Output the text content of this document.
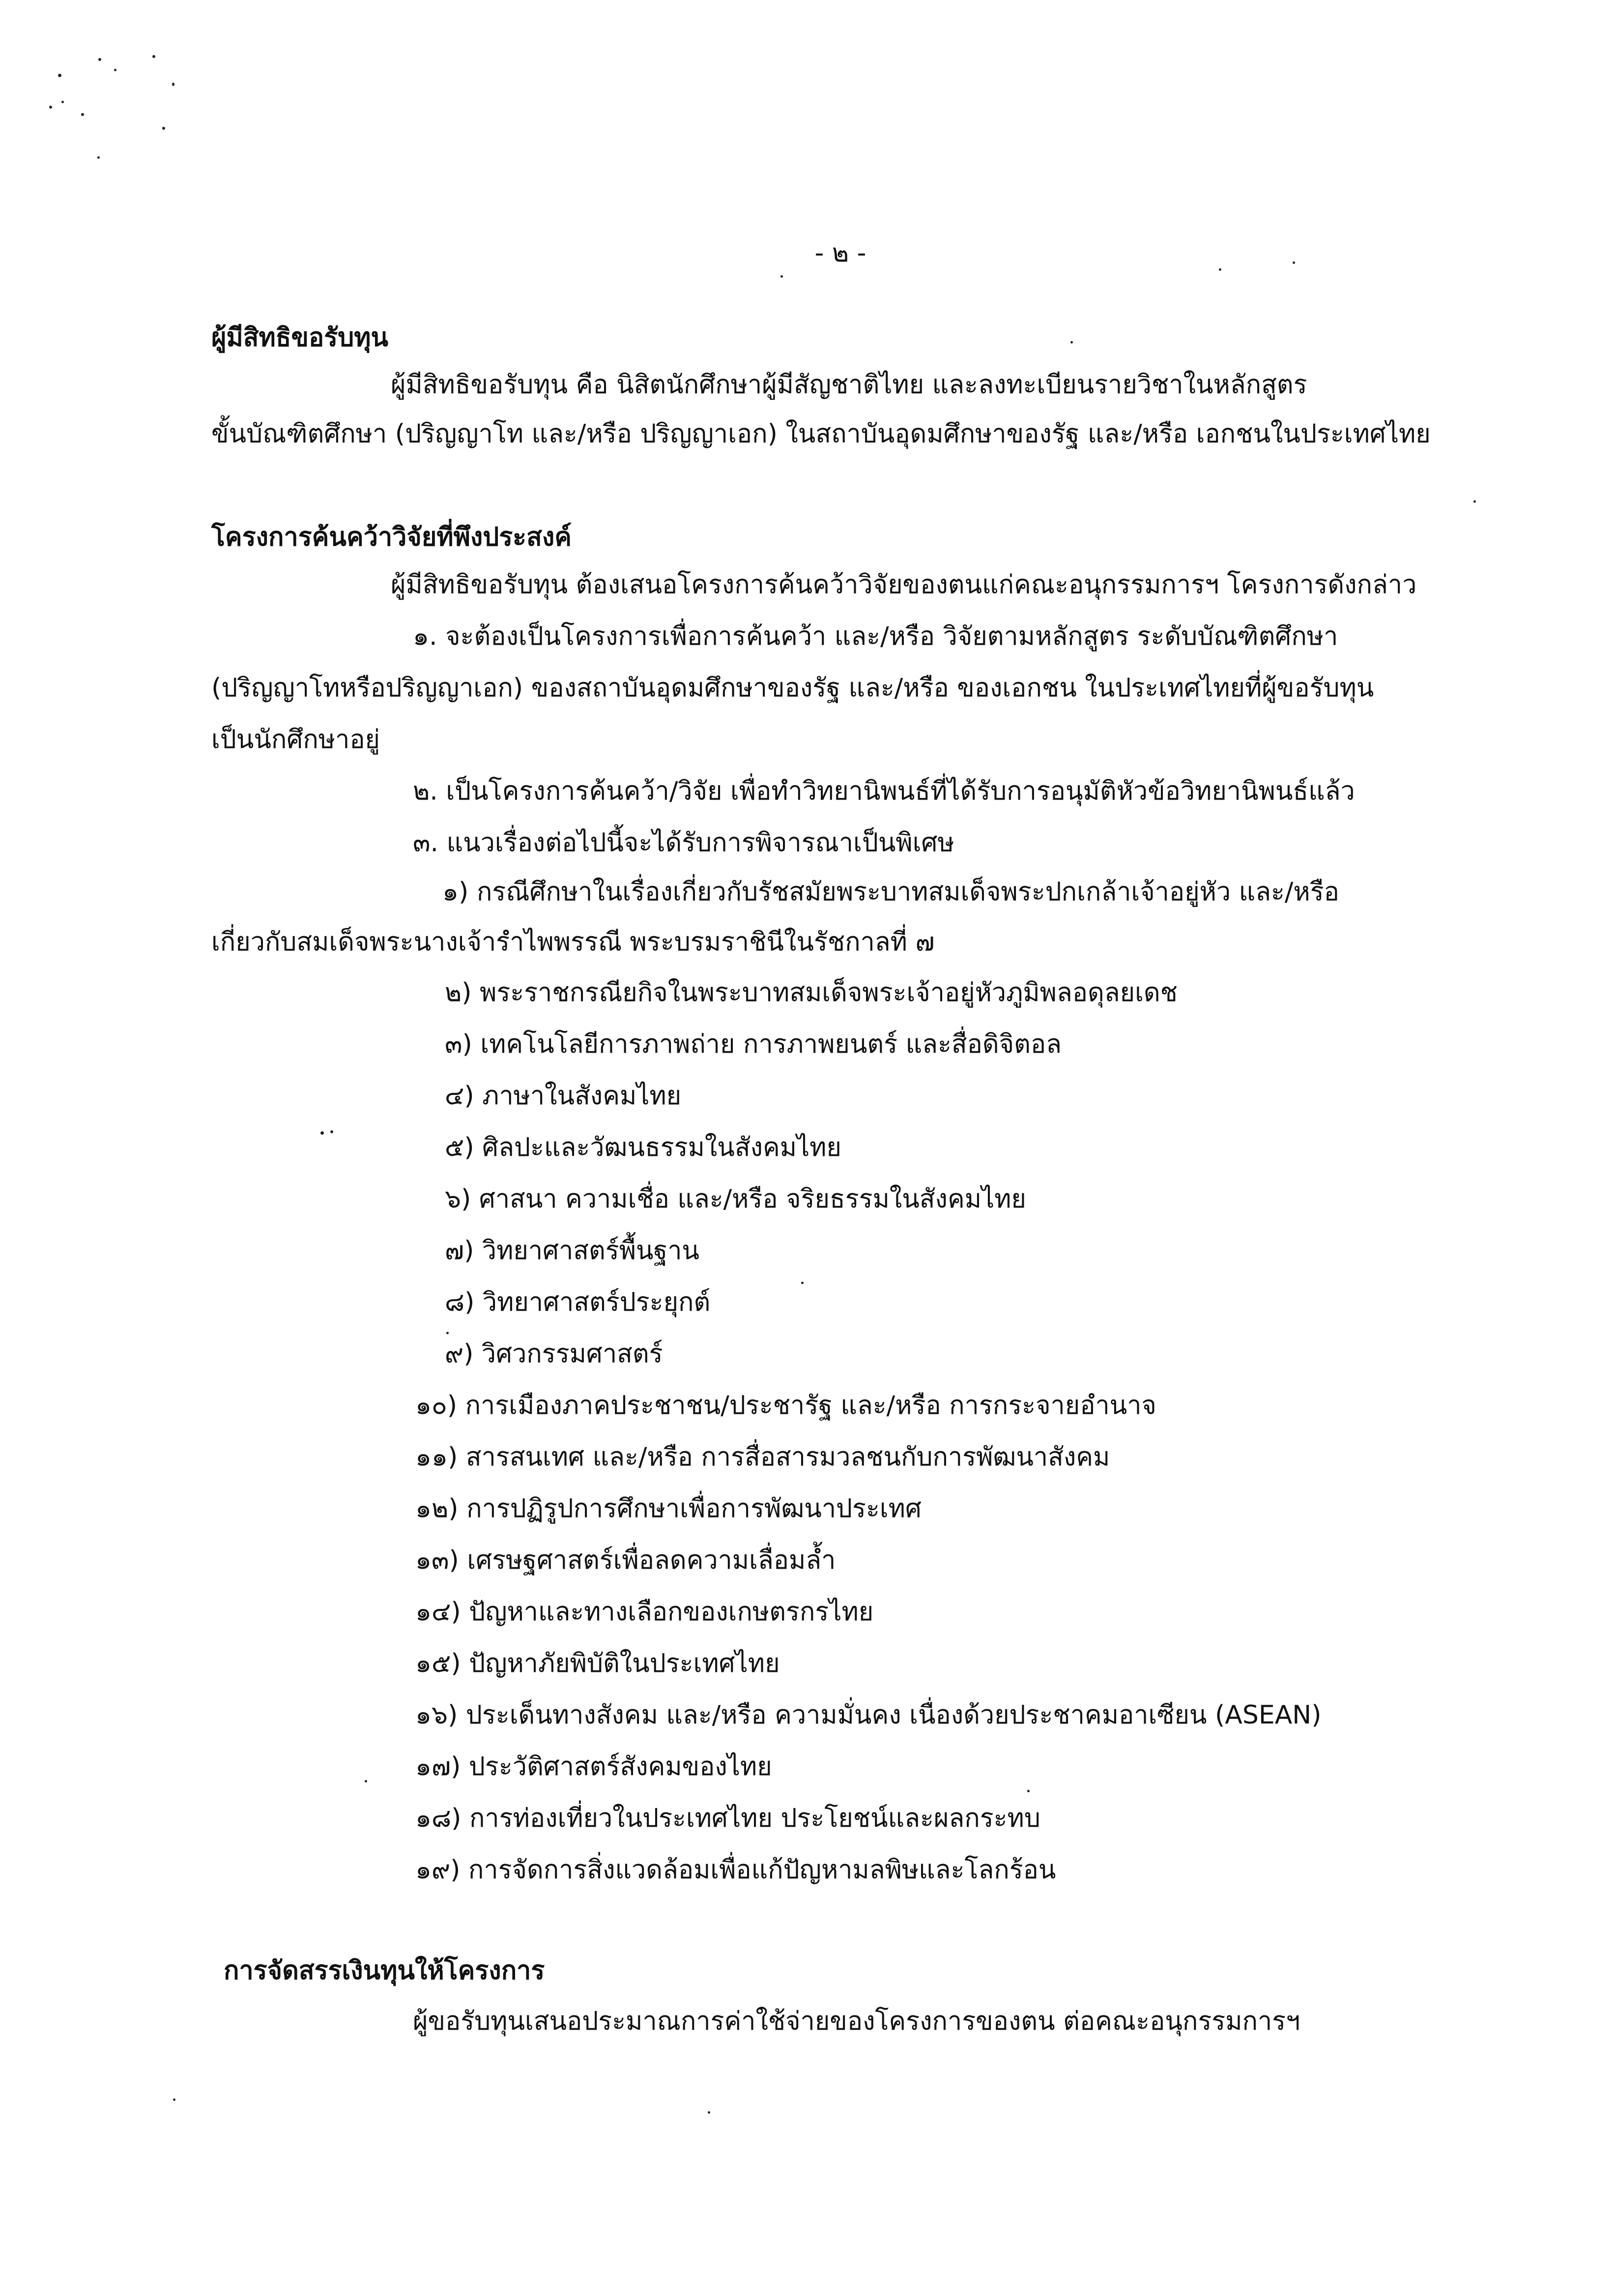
- ๒ -
ผู้มีสิทธิขอรับทุน
ผู้มีสิทธิขอรับทุน คือ นิสิตนักศึกษาผู้มีสัญชาติไทย และลงทะเบียนรายวิชาในหลักสูตร
ขั้นบัณฑิตศึกษา (ปริญญาโท และ/หรือ ปริญญาเอก) ในสถาบันอุดมศึกษาของรัฐ และ/หรือ เอกชนในประเทศไทย
โครงการค้นคว้าวิจัยที่พึงประสงค์
ผู้มีสิทธิขอรับทุน ต้องเสนอโครงการค้นคว้าวิจัยของตนแก่คณะอนุกรรมการฯ โครงการดังกล่าว
๑. จะต้องเป็นโครงการเพื่อการค้นคว้า และ/หรือ วิจัยตามหลักสูตร ระดับบัณฑิตศึกษา
(ปริญญาโทหรือปริญญาเอก) ของสถาบันอุดมศึกษาของรัฐ และ/หรือ ของเอกชน ในประเทศไทยที่ผู้ขอรับทุน
เป็นนักศึกษาอยู่
๒. เป็นโครงการค้นคว้า/วิจัย เพื่อทำวิทยานิพนธ์ที่ได้รับการอนุมัติหัวข้อวิทยานิพนธ์แล้ว
๓. แนวเรื่องต่อไปนี้จะได้รับการพิจารณาเป็นพิเศษ
๑) กรณีศึกษาในเรื่องเกี่ยวกับรัชสมัยพระบาทสมเด็จพระปกเกล้าเจ้าอยู่หัว และ/หรือ
เกี่ยวกับสมเด็จพระนางเจ้ารำไพพรรณี พระบรมราชินีในรัชกาลที่ ๗
๒) พระราชกรณียกิจในพระบาทสมเด็จพระเจ้าอยู่หัวภูมิพลอดุลยเดช
๓) เทคโนโลยีการภาพถ่าย การภาพยนตร์ และสื่อดิจิตอล
๔) ภาษาในสังคมไทย
๕) ศิลปะและวัฒนธรรมในสังคมไทย
๖) ศาสนา ความเชื่อ และ/หรือ จริยธรรมในสังคมไทย
๗) วิทยาศาสตร์พื้นฐาน
๘) วิทยาศาสตร์ประยุกต์
๙) วิศวกรรมศาสตร์
๑๐) การเมืองภาคประชาชน/ประชารัฐ และ/หรือ การกระจายอำนาจ
๑๑) สารสนเทศ และ/หรือ การสื่อสารมวลชนกับการพัฒนาสังคม
๑๒) การปฏิรูปการศึกษาเพื่อการพัฒนาประเทศ
๑๓) เศรษฐศาสตร์เพื่อลดความเลื่อมล้ำ
๑๔) ปัญหาและทางเลือกของเกษตรกรไทย
๑๕) ปัญหาภัยพิบัติในประเทศไทย
๑๖) ประเด็นทางสังคม และ/หรือ ความมั่นคง เนื่องด้วยประชาคมอาเซียน (ASEAN)
๑๗) ประวัติศาสตร์สังคมของไทย
๑๘) การท่องเที่ยวในประเทศไทย ประโยชน์และผลกระทบ
๑๙) การจัดการสิ่งแวดล้อมเพื่อแก้ปัญหามลพิษและโลกร้อน
การจัดสรรเงินทุนให้โครงการ
ผู้ขอรับทุนเสนอประมาณการค่าใช้จ่ายของโครงการของตน ต่อคณะอนุกรรมการฯ
